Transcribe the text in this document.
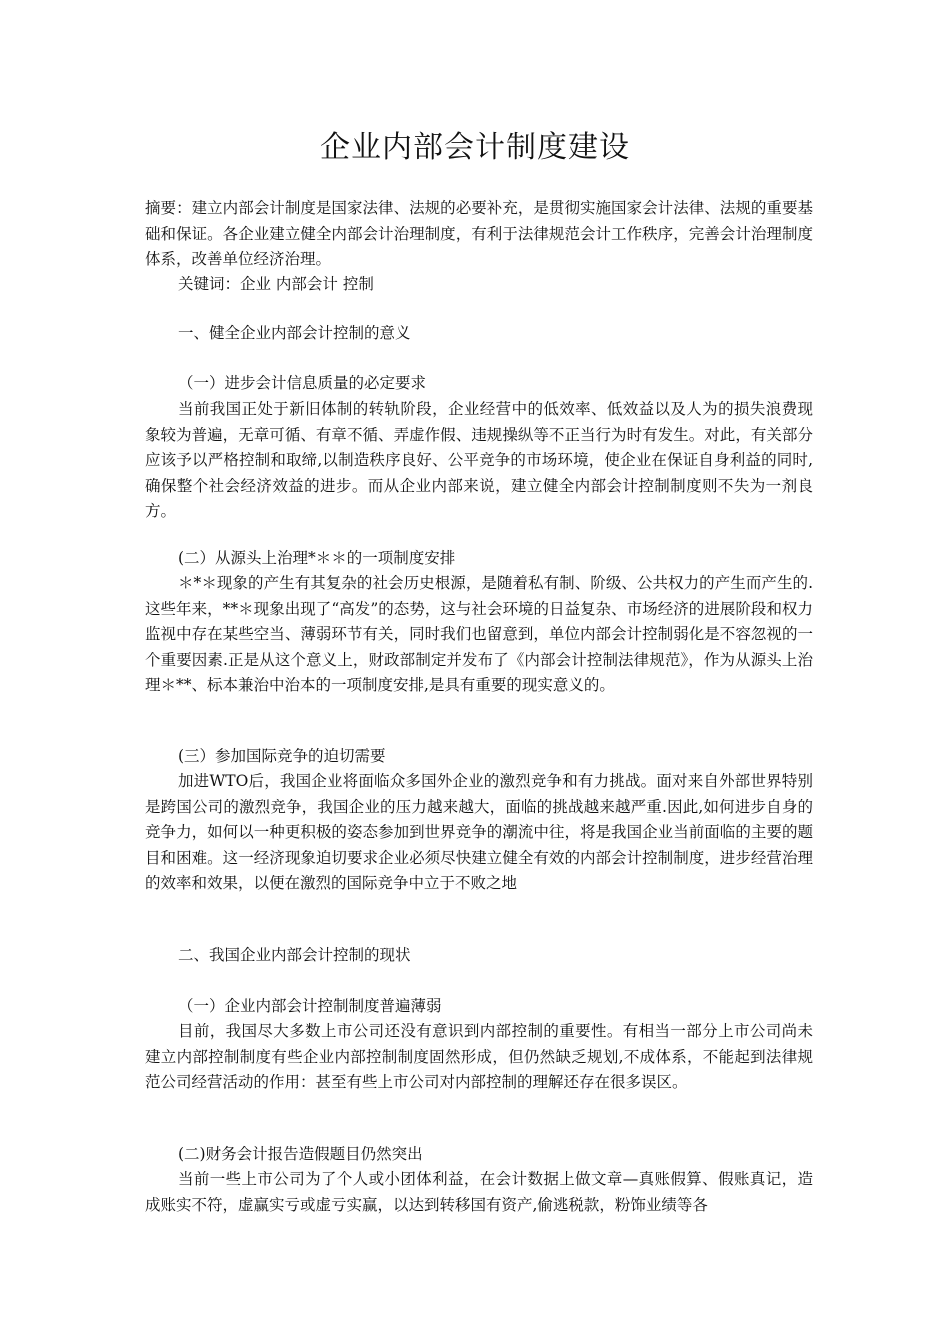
企业内部会计制度建设
摘要：建立内部会计制度是国家法律、法规的必要补充，是贯彻实施国家会计法律、法规的重要基础和保证。各企业建立健全内部会计治理制度，有利于法律规范会计工作秩序，完善会计治理制度体系，改善单位经济治理。
关键词：企业 内部会计 控制
一、健全企业内部会计控制的意义
（一）进步会计信息质量的必定要求
当前我国正处于新旧体制的转轨阶段，企业经营中的低效率、低效益以及人为的损失浪费现象较为普遍，无章可循、有章不循、弄虚作假、违规操纵等不正当行为时有发生。对此，有关部分应该予以严格控制和取缔,以制造秩序良好、公平竞争的市场环境，使企业在保证自身利益的同时,确保整个社会经济效益的进步。而从企业内部来说，建立健全内部会计控制制度则不失为一剂良方。
(二）从源头上治理*＊＊的一项制度安排
＊*＊现象的产生有其复杂的社会历史根源，是随着私有制、阶级、公共权力的产生而产生的.这些年来，**＊现象出现了“高发”的态势，这与社会环境的日益复杂、市场经济的进展阶段和权力监视中存在某些空当、薄弱环节有关，同时我们也留意到，单位内部会计控制弱化是不容忽视的一个重要因素.正是从这个意义上，财政部制定并发布了《内部会计控制法律规范》，作为从源头上治理＊**、标本兼治中治本的一项制度安排,是具有重要的现实意义的。
(三）参加国际竞争的迫切需要
加进WTO后，我国企业将面临众多国外企业的激烈竞争和有力挑战。面对来自外部世界特别是跨国公司的激烈竞争，我国企业的压力越来越大，面临的挑战越来越严重.因此,如何进步自身的竞争力，如何以一种更积极的姿态参加到世界竞争的潮流中往，将是我国企业当前面临的主要的题目和困难。这一经济现象迫切要求企业必须尽快建立健全有效的内部会计控制制度，进步经营治理的效率和效果，以便在激烈的国际竞争中立于不败之地
二、我国企业内部会计控制的现状
（一）企业内部会计控制制度普遍薄弱
目前，我国尽大多数上市公司还没有意识到内部控制的重要性。有相当一部分上市公司尚未建立内部控制制度有些企业内部控制制度固然形成，但仍然缺乏规划,不成体系，不能起到法律规范公司经营活动的作用：甚至有些上市公司对内部控制的理解还存在很多误区。
(二)财务会计报告造假题目仍然突出
当前一些上市公司为了个人或小团体利益，在会计数据上做文章—真账假算、假账真记，造成账实不符，虚赢实亏或虚亏实赢，以达到转移国有资产,偷逃税款，粉饰业绩等各
